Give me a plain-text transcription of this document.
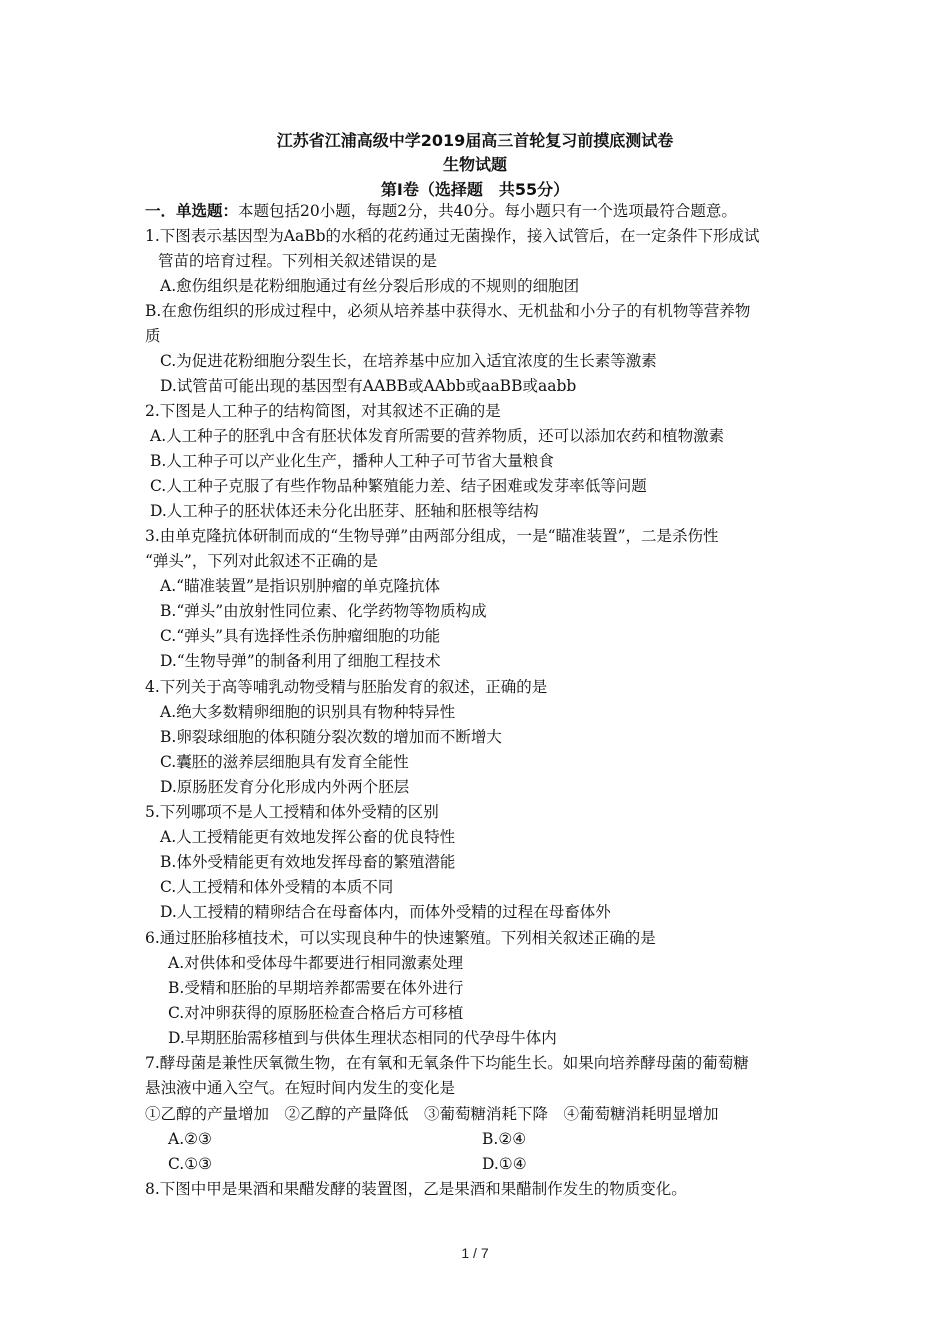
江苏省江浦高级中学2019届高三首轮复习前摸底测试卷
生物试题
第Ⅰ卷（选择题　共55分）
一．单选题：本题包括20小题，每题2分，共40分。每小题只有一个选项最符合题意。
1.下图表示基因型为AaBb的水稻的花药通过无菌操作，接入试管后，在一定条件下形成试
管苗的培育过程。下列相关叙述错误的是
A.愈伤组织是花粉细胞通过有丝分裂后形成的不规则的细胞团
B.在愈伤组织的形成过程中，必须从培养基中获得水、无机盐和小分子的有机物等营养物
质
C.为促进花粉细胞分裂生长，在培养基中应加入适宜浓度的生长素等激素
D.试管苗可能出现的基因型有AABB或AAbb或aaBB或aabb
2.下图是人工种子的结构简图，对其叙述不正确的是
A.人工种子的胚乳中含有胚状体发育所需要的营养物质，还可以添加农药和植物激素
B.人工种子可以产业化生产，播种人工种子可节省大量粮食
C.人工种子克服了有些作物品种繁殖能力差、结子困难或发芽率低等问题
D.人工种子的胚状体还未分化出胚芽、胚轴和胚根等结构
3.由单克隆抗体研制而成的“生物导弹”由两部分组成，一是“瞄准装置”，二是杀伤性
“弹头”，下列对此叙述不正确的是
A.“瞄准装置”是指识别肿瘤的单克隆抗体
B.“弹头”由放射性同位素、化学药物等物质构成
C.“弹头”具有选择性杀伤肿瘤细胞的功能
D.“生物导弹”的制备利用了细胞工程技术
4.下列关于高等哺乳动物受精与胚胎发育的叙述，正确的是
A.绝大多数精卵细胞的识别具有物种特异性
B.卵裂球细胞的体积随分裂次数的增加而不断增大
C.囊胚的滋养层细胞具有发育全能性
D.原肠胚发育分化形成内外两个胚层
5.下列哪项不是人工授精和体外受精的区别
A.人工授精能更有效地发挥公畜的优良特性
B.体外受精能更有效地发挥母畜的繁殖潜能
C.人工授精和体外受精的本质不同
D.人工授精的精卵结合在母畜体内，而体外受精的过程在母畜体外
6.通过胚胎移植技术，可以实现良种牛的快速繁殖。下列相关叙述正确的是
A.对供体和受体母牛都要进行相同激素处理
B.受精和胚胎的早期培养都需要在体外进行
C.对冲卵获得的原肠胚检查合格后方可移植
D.早期胚胎需移植到与供体生理状态相同的代孕母牛体内
7.酵母菌是兼性厌氧微生物，在有氧和无氧条件下均能生长。如果向培养酵母菌的葡萄糖
悬浊液中通入空气。在短时间内发生的变化是
①乙醇的产量增加　②乙醇的产量降低　③葡萄糖消耗下降　④葡萄糖消耗明显增加
A.②③	B.②④
C.①③	D.①④
8.下图中甲是果酒和果醋发酵的装置图，乙是果酒和果醋制作发生的物质变化。
1 / 7
